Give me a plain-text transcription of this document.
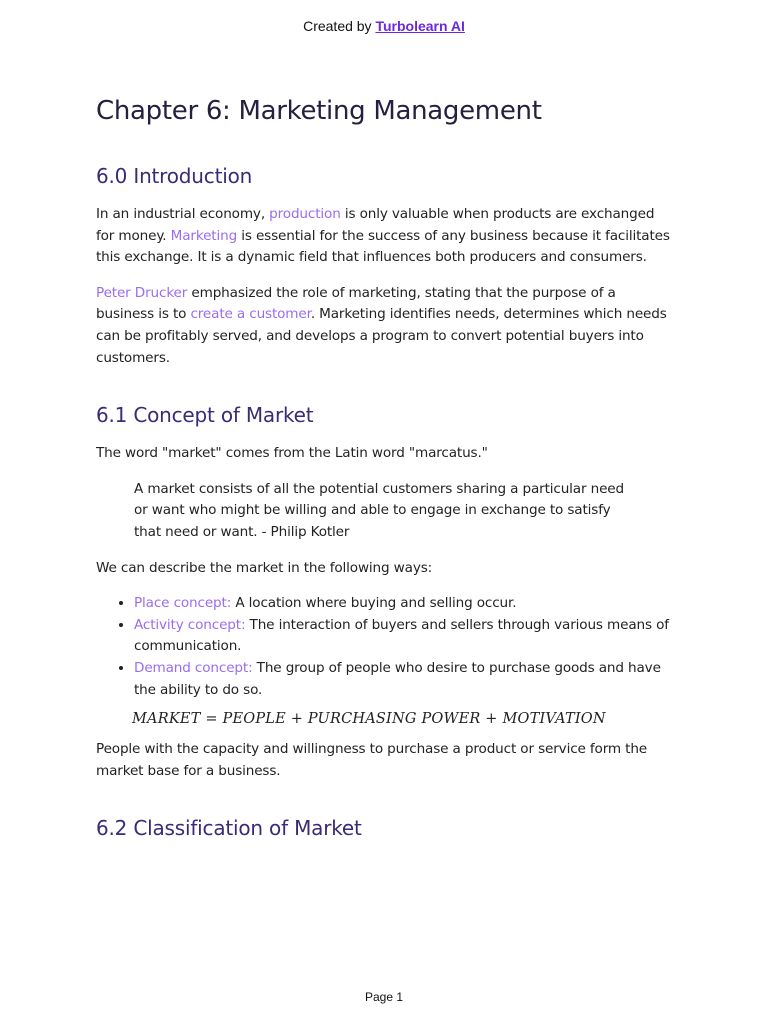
Created by Turbolearn AI
Chapter 6: Marketing Management
6.0 Introduction

In an industrial economy, production is only valuable when products are exchanged for money. Marketing is essential for the success of any business because it facilitates this exchange. It is a dynamic field that influences both producers and consumers.

Peter Drucker emphasized the role of marketing, stating that the purpose of a business is to create a customer. Marketing identifies needs, determines which needs can be profitably served, and develops a program to convert potential buyers into customers.

6.1 Concept of Market

The word "market" comes from the Latin word "marcatus."

A market consists of all the potential customers sharing a particular need or want who might be willing and able to engage in exchange to satisfy that need or want. - Philip Kotler

We can describe the market in the following ways:

• Place concept: A location where buying and selling occur.
• Activity concept: The interaction of buyers and sellers through various means of communication.
• Demand concept: The group of people who desire to purchase goods and have the ability to do so.
MARKET = PEOPLE + PURCHASING POWER + MOTIVATION

People with the capacity and willingness to purchase a product or service form the market base for a business.

6.2 Classification of Market
Page 1
